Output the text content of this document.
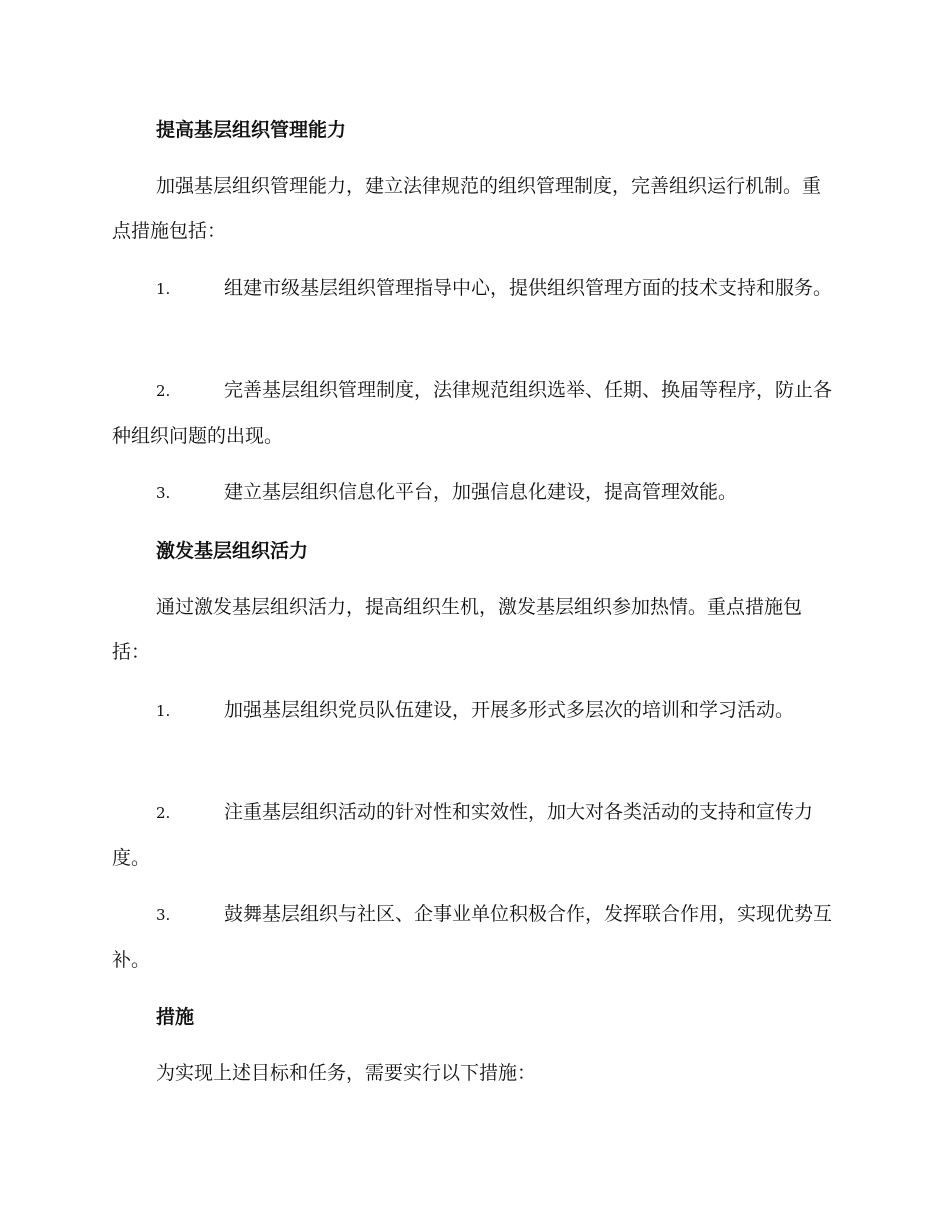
提高基层组织管理能力

加强基层组织管理能力，建立法律规范的组织管理制度，完善组织运行机制。重点措施包括：

1.	组建市级基层组织管理指导中心，提供组织管理方面的技术支持和服务。

2.	完善基层组织管理制度，法律规范组织选举、任期、换届等程序，防止各种组织问题的出现。

3.	建立基层组织信息化平台，加强信息化建设，提高管理效能。

激发基层组织活力

通过激发基层组织活力，提高组织生机，激发基层组织参加热情。重点措施包括：

1.	加强基层组织党员队伍建设，开展多形式多层次的培训和学习活动。

2.	注重基层组织活动的针对性和实效性，加大对各类活动的支持和宣传力度。

3.	鼓舞基层组织与社区、企事业单位积极合作，发挥联合作用，实现优势互补。

措施

为实现上述目标和任务，需要实行以下措施：
